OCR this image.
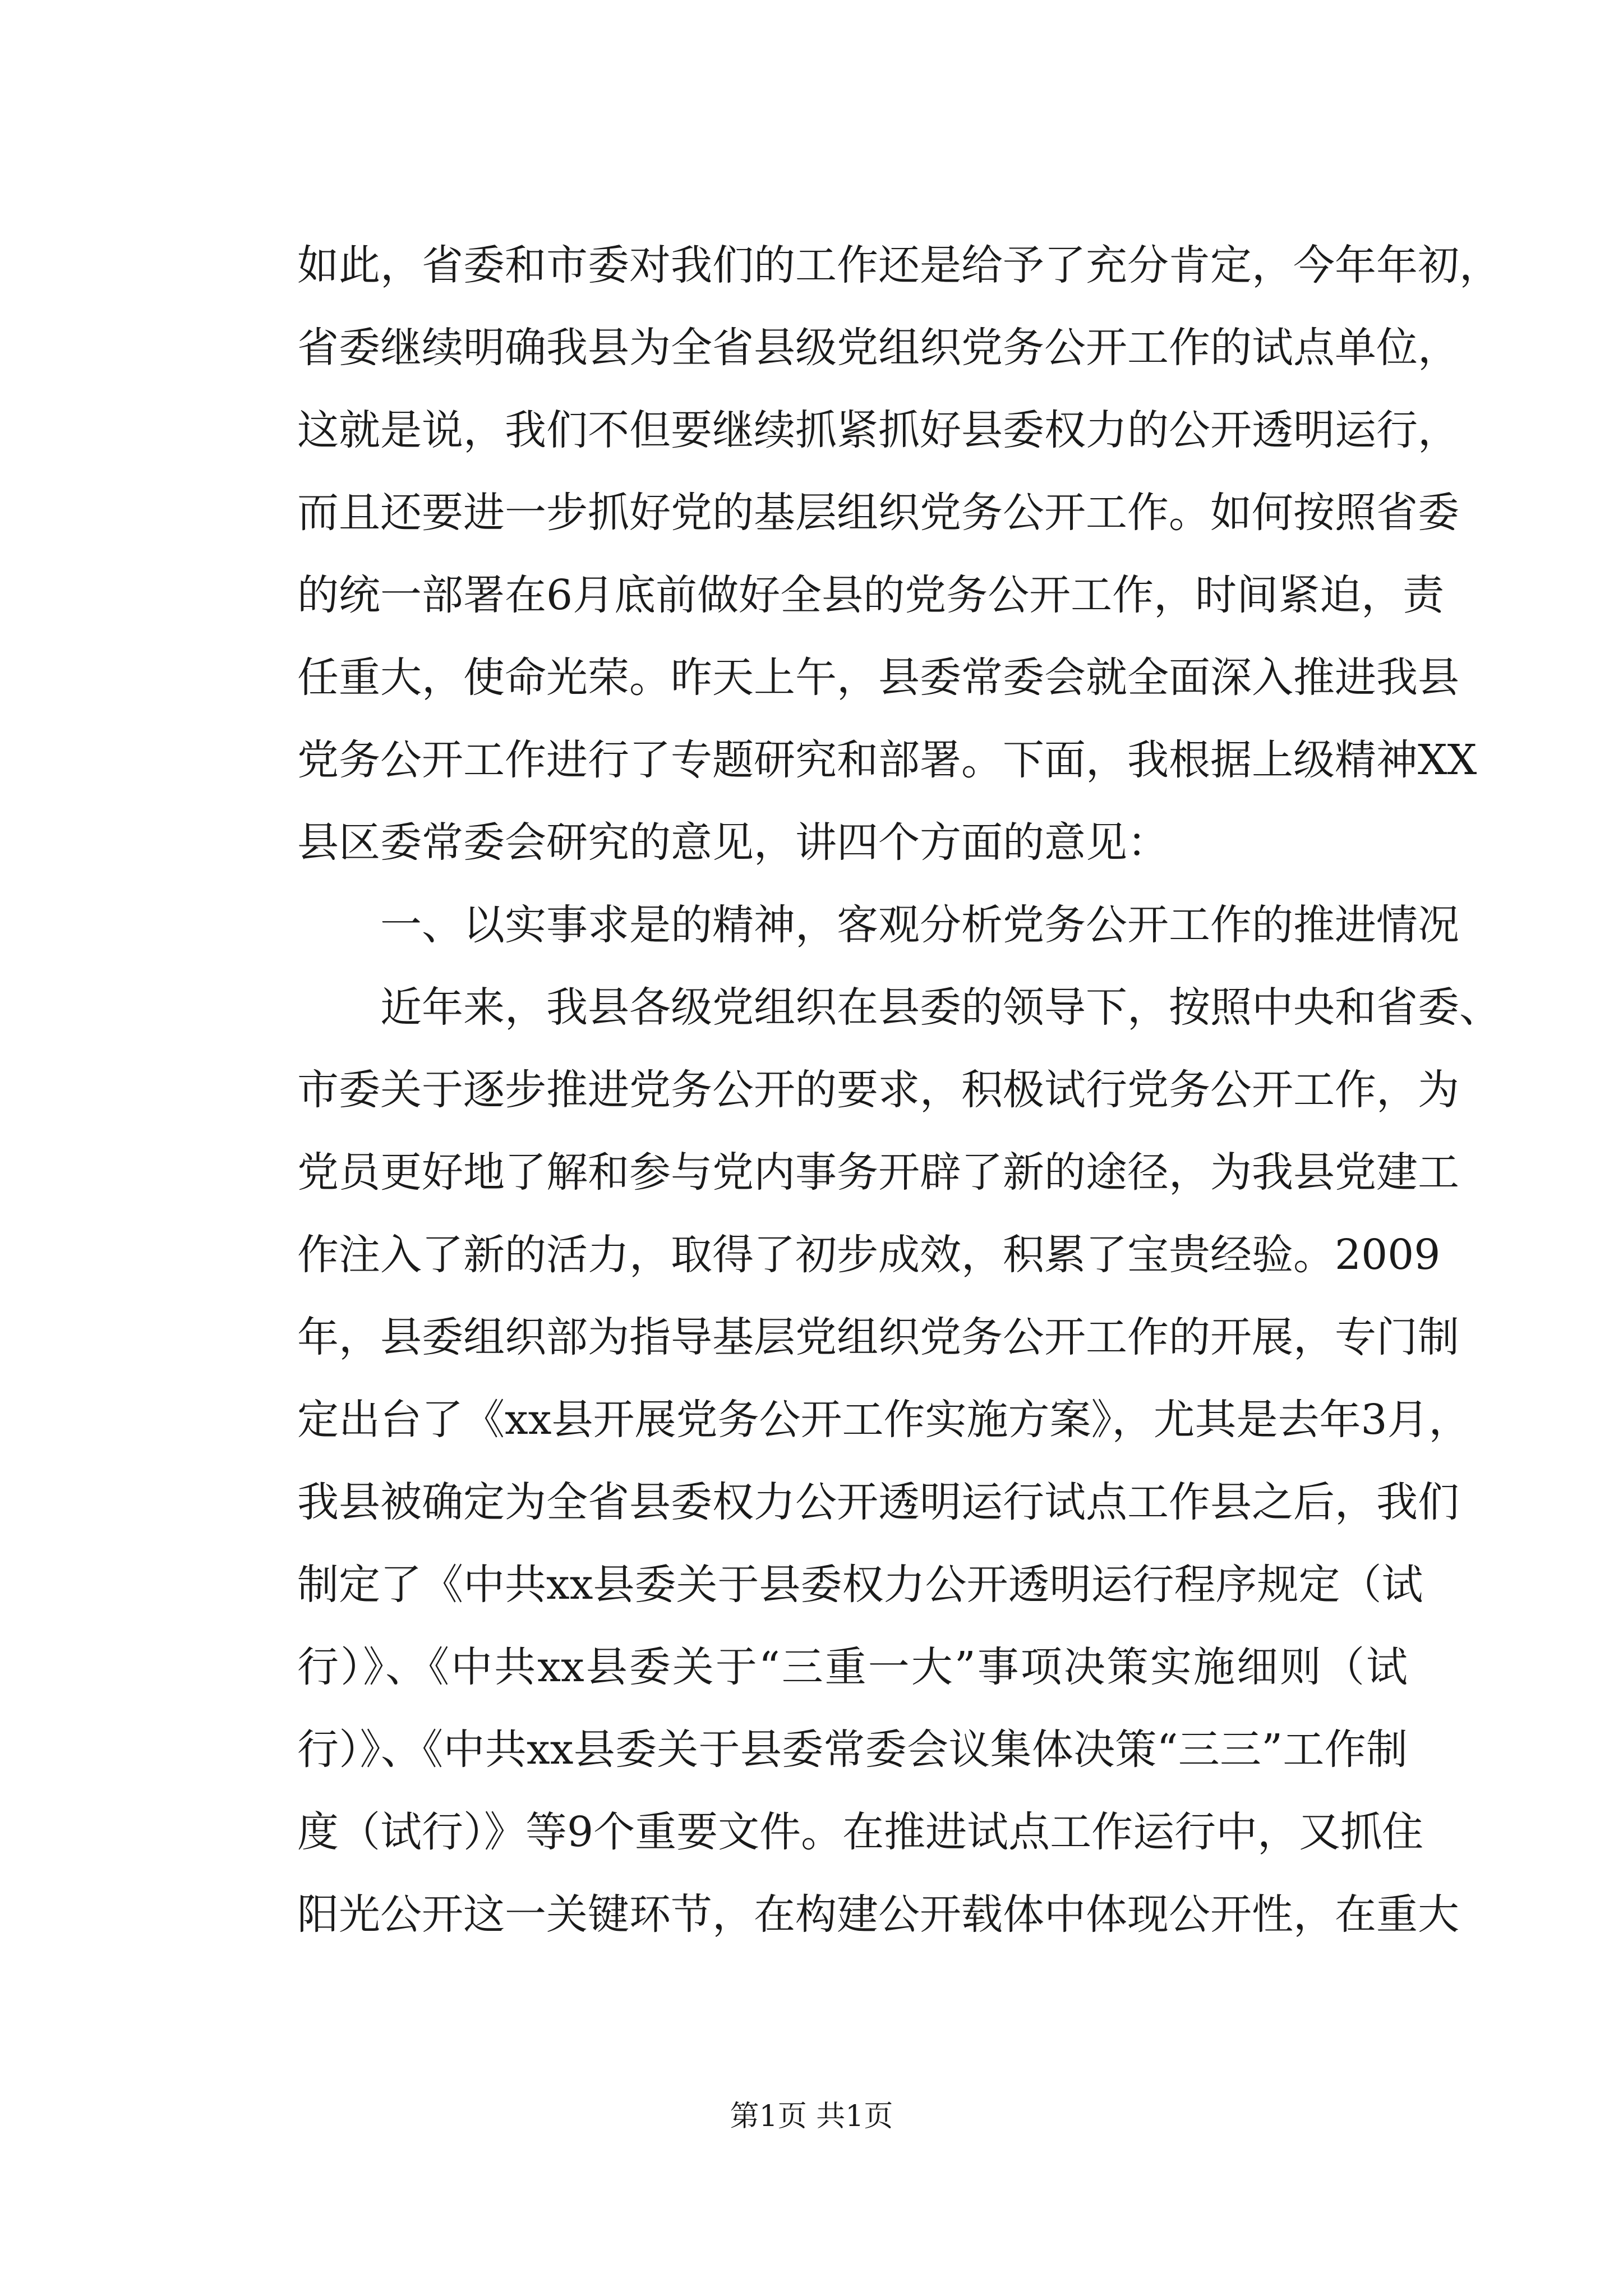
如此，省委和市委对我们的工作还是给予了充分肯定，今年年初，
省委继续明确我县为全省县级党组织党务公开工作的试点单位，
这就是说，我们不但要继续抓紧抓好县委权力的公开透明运行，
而且还要进一步抓好党的基层组织党务公开工作。如何按照省委
的统一部署在6月底前做好全县的党务公开工作，时间紧迫，责
任重大，使命光荣。昨天上午，县委常委会就全面深入推进我县
党务公开工作进行了专题研究和部署。下面，我根据上级精神XX
县区委常委会研究的意见，讲四个方面的意见：
一、以实事求是的精神，客观分析党务公开工作的推进情况
近年来，我县各级党组织在县委的领导下，按照中央和省委、
市委关于逐步推进党务公开的要求，积极试行党务公开工作，为
党员更好地了解和参与党内事务开辟了新的途径，为我县党建工
作注入了新的活力，取得了初步成效，积累了宝贵经验。2009
年，县委组织部为指导基层党组织党务公开工作的开展，专门制
定出台了《xx县开展党务公开工作实施方案》，尤其是去年3月，
我县被确定为全省县委权力公开透明运行试点工作县之后，我们
制定了《中共xx县委关于县委权力公开透明运行程序规定（试
行）》、《中共xx县委关于“三重一大”事项决策实施细则（试
行）》、《中共xx县委关于县委常委会议集体决策“三三”工作制
度（试行）》等9个重要文件。在推进试点工作运行中，又抓住
阳光公开这一关键环节，在构建公开载体中体现公开性，在重大
第1页 共1页
